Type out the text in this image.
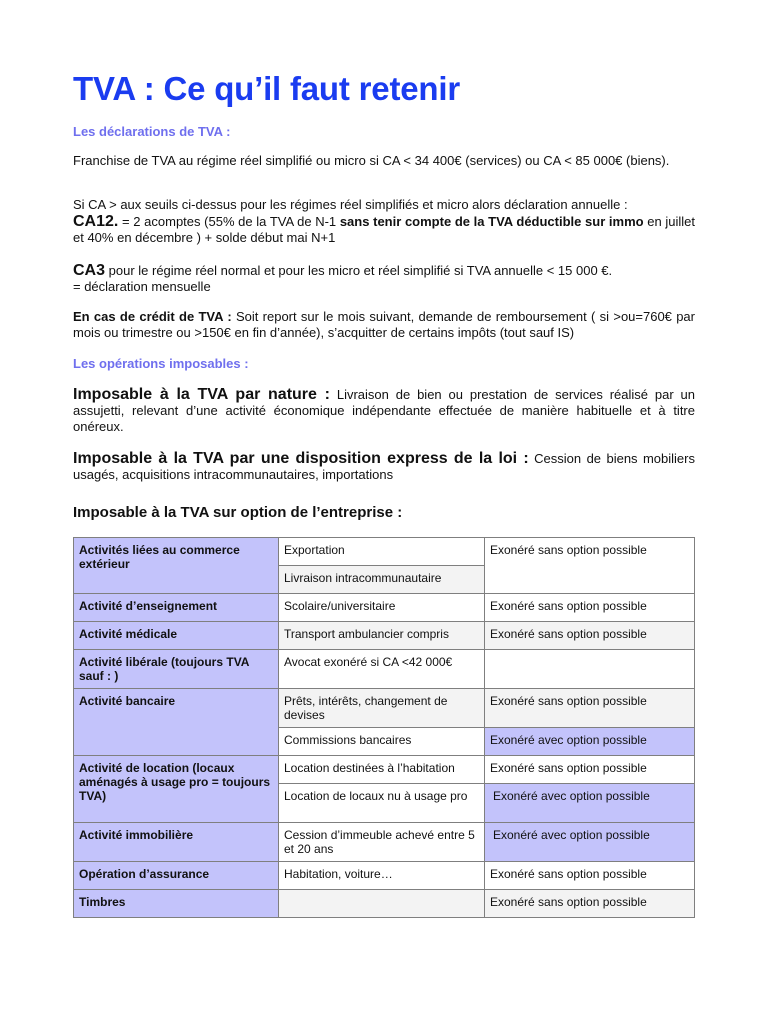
TVA : Ce qu’il faut retenir

Les déclarations de TVA :

Franchise de TVA au régime réel simplifié ou micro si CA < 34 400€ (services) ou CA < 85 000€ (biens).

Si CA > aux seuils ci-dessus pour les régimes réel simplifiés et micro alors déclaration annuelle :

CA12. = 2 acomptes (55% de la TVA de N-1 sans tenir compte de la TVA déductible sur immo en juillet et 40% en décembre ) + solde début mai N+1

CA3 pour le régime réel normal et pour les micro et réel simplifié si TVA annuelle < 15 000 €.

= déclaration mensuelle

En cas de crédit de TVA : Soit report sur le mois suivant, demande de remboursement ( si >ou=760€ par mois ou trimestre ou >150€ en fin d’année), s’acquitter de certains impôts (tout sauf IS)

Les opérations imposables :

Imposable à la TVA par nature : Livraison de bien ou prestation de services réalisé par un assujetti, relevant d’une activité économique indépendante effectuée de manière habituelle et à titre onéreux.

Imposable à la TVA par une disposition express de la loi : Cession de biens mobiliers usagés, acquisitions intracommunautaires, importations

Imposable à la TVA sur option de l’entreprise :

Activités liées au commerce extérieur	Exportation	Exonéré sans option possible
	Livraison intracommunautaire	
Activité d’enseignement	Scolaire/universitaire	Exonéré sans option possible
Activité médicale	Transport ambulancier compris	Exonéré sans option possible
Activité libérale (toujours TVA sauf : )	Avocat exonéré si CA <42 000€	
Activité bancaire	Prêts, intérêts, changement de devises	Exonéré sans option possible
	Commissions bancaires	Exonéré avec option possible
Activité de location (locaux aménagés à usage pro = toujours TVA)	Location destinées à l’habitation	Exonéré sans option possible
	Location de locaux nu à usage pro	Exonéré avec option possible
Activité immobilière	Cession d’immeuble achevé entre 5 et 20 ans	Exonéré avec option possible
Opération d’assurance	Habitation, voiture…	Exonéré sans option possible
Timbres		Exonéré sans option possible
